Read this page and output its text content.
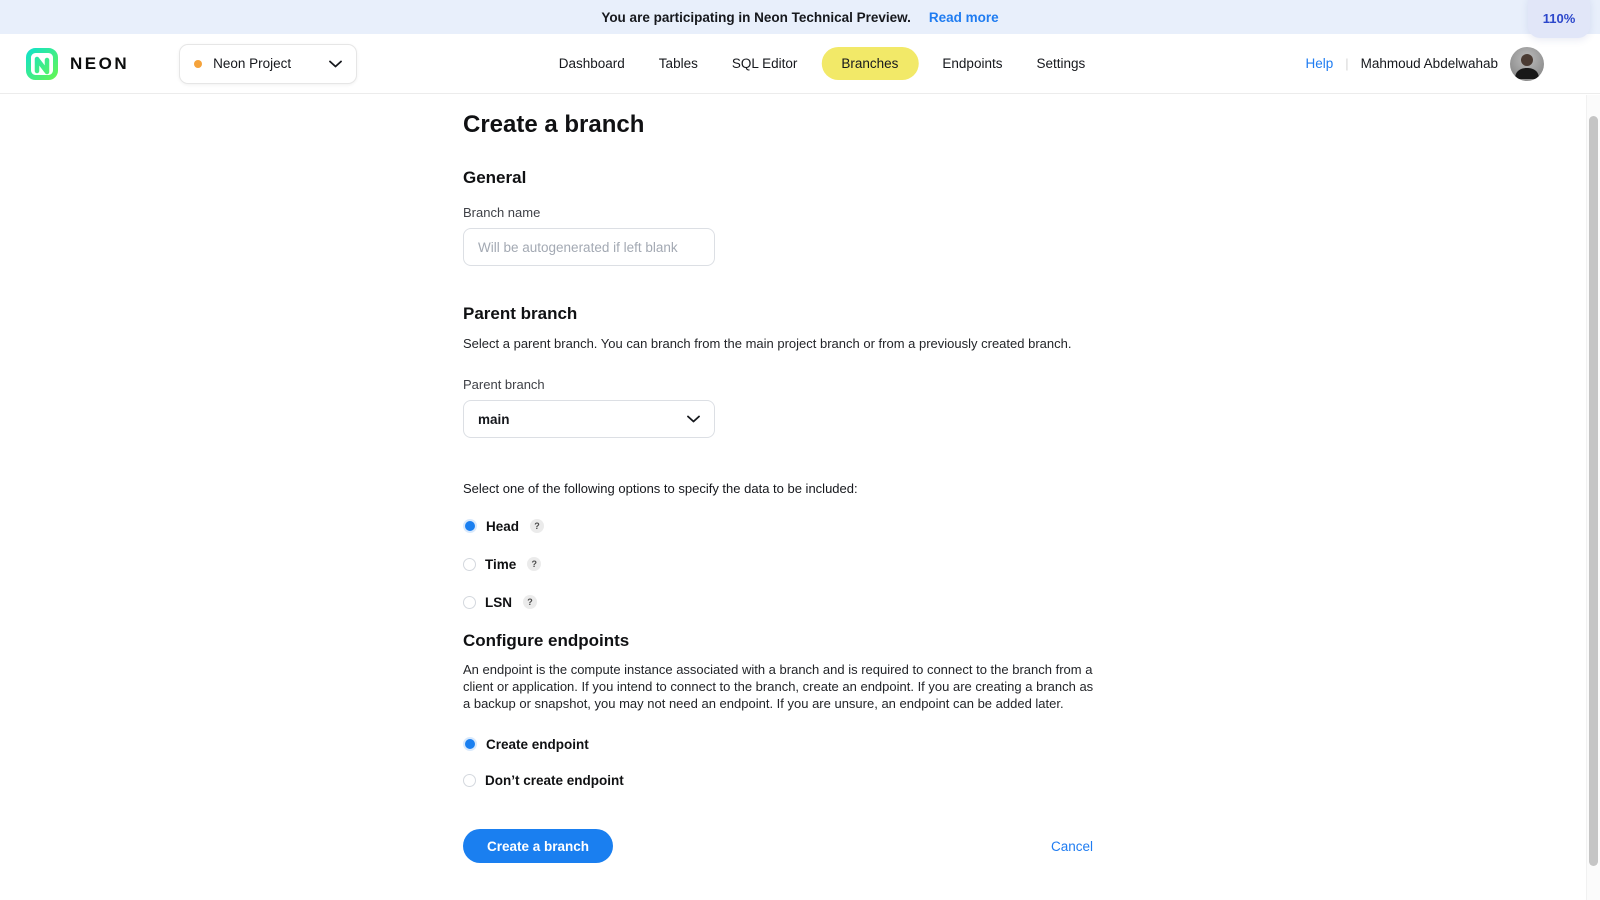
You are participating in Neon Technical Preview. Read more	110%
NEON	Neon Project	Dashboard	Tables	SQL Editor	Branches	Endpoints	Settings	Help | Mahmoud Abdelwahab
Create a branch
General
Branch name
Will be autogenerated if left blank
Parent branch
Select a parent branch. You can branch from the main project branch or from a previously created branch.
Parent branch
main
Select one of the following options to specify the data to be included:
Head	?
Time	?
LSN	?
Configure endpoints
An endpoint is the compute instance associated with a branch and is required to connect to the branch from a client or application. If you intend to connect to the branch, create an endpoint. If you are creating a branch as a backup or snapshot, you may not need an endpoint. If you are unsure, an endpoint can be added later.
Create endpoint
Don’t create endpoint
Create a branch	Cancel
